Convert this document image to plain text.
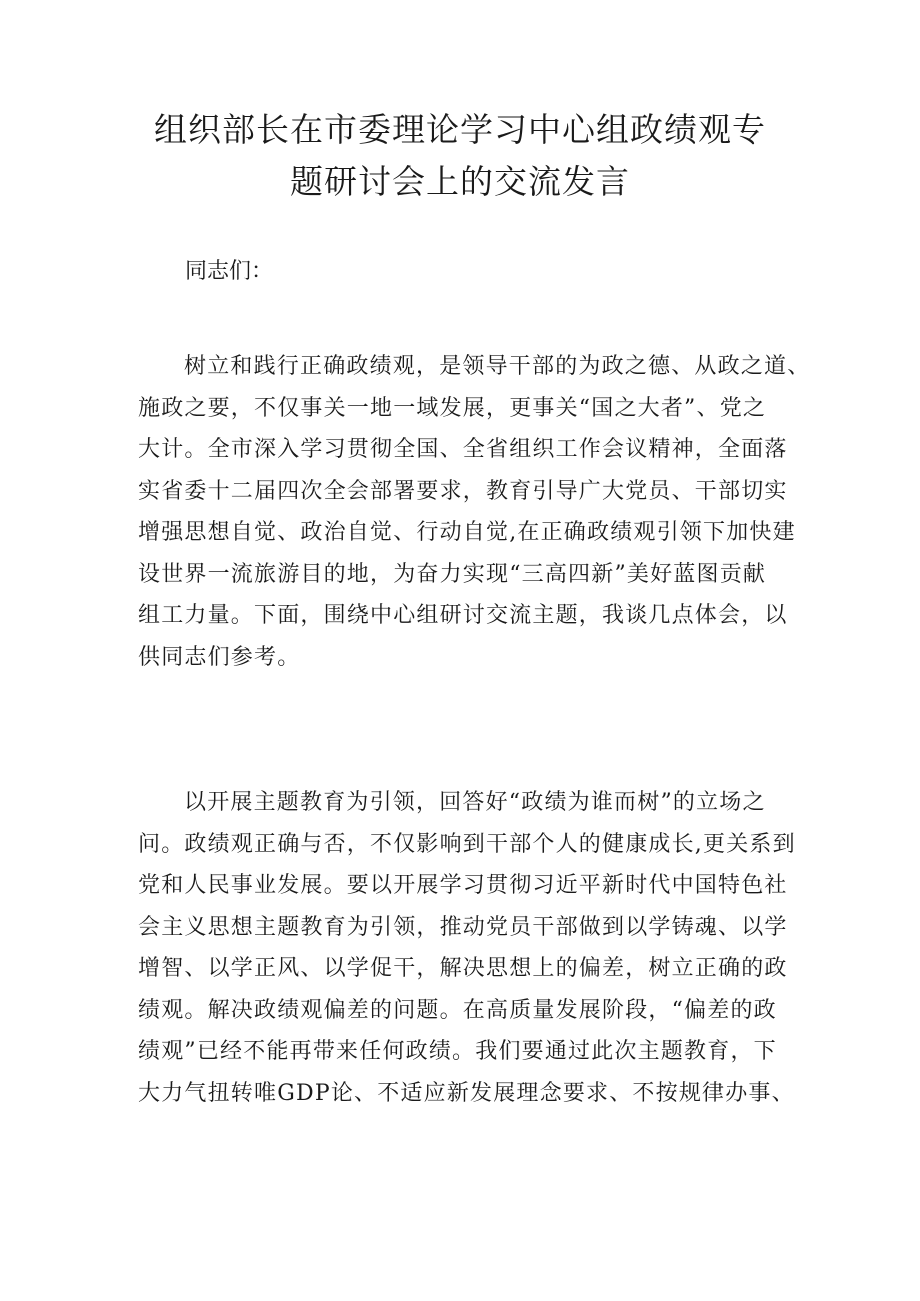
组织部长在市委理论学习中心组政绩观专
题研讨会上的交流发言

同志们：

树立和践行正确政绩观，是领导干部的为政之德、从政之道、
施政之要，不仅事关一地一域发展，更事关“国之大者”、党之
大计。全市深入学习贯彻全国、全省组织工作会议精神，全面落
实省委十二届四次全会部署要求，教育引导广大党员、干部切实
增强思想自觉、政治自觉、行动自觉,在正确政绩观引领下加快建
设世界一流旅游目的地，为奋力实现“三高四新”美好蓝图贡献
组工力量。下面，围绕中心组研讨交流主题，我谈几点体会，以
供同志们参考。
以开展主题教育为引领，回答好“政绩为谁而树”的立场之
问。政绩观正确与否，不仅影响到干部个人的健康成长,更关系到
党和人民事业发展。要以开展学习贯彻习近平新时代中国特色社
会主义思想主题教育为引领，推动党员干部做到以学铸魂、以学
增智、以学正风、以学促干，解决思想上的偏差，树立正确的政
绩观。解决政绩观偏差的问题。在高质量发展阶段，“偏差的政
绩观”已经不能再带来任何政绩。我们要通过此次主题教育，下
大力气扭转唯GDP论、不适应新发展理念要求、不按规律办事、
